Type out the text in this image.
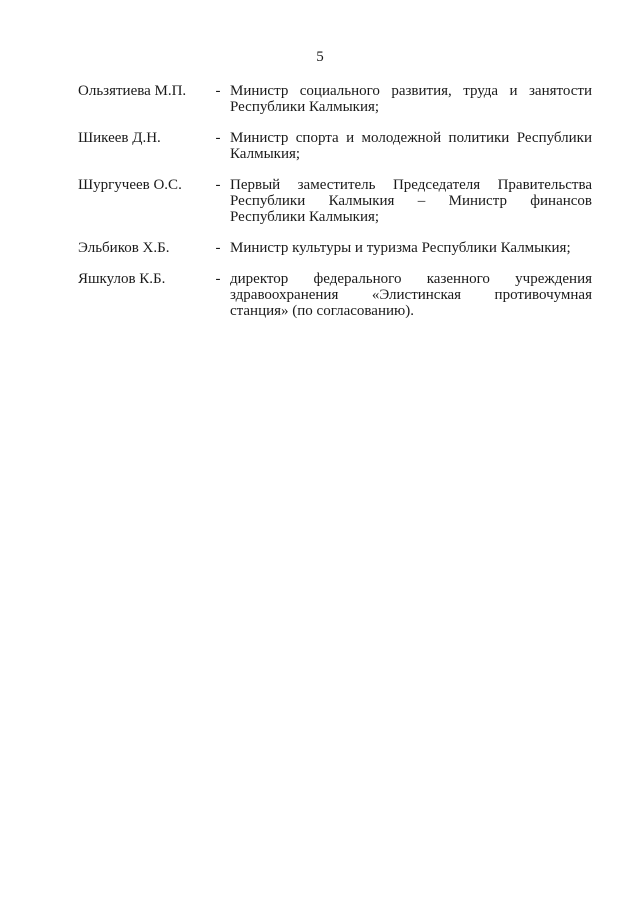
5
Ользятиева М.П.	- Министр социального развития, труда и занятости
Республики Калмыкия;
Шикеев Д.Н.	- Министр спорта и молодежной политики Республики
Калмыкия;
Шургучеев О.С.	- Первый заместитель Председателя Правительства
Республики Калмыкия – Министр финансов
Республики Калмыкия;
Эльбиков Х.Б.	- Министр культуры и туризма Республики Калмыкия;
Яшкулов К.Б.	- директор федерального казенного учреждения
здравоохранения «Элистинская противочумная
станция» (по согласованию).
